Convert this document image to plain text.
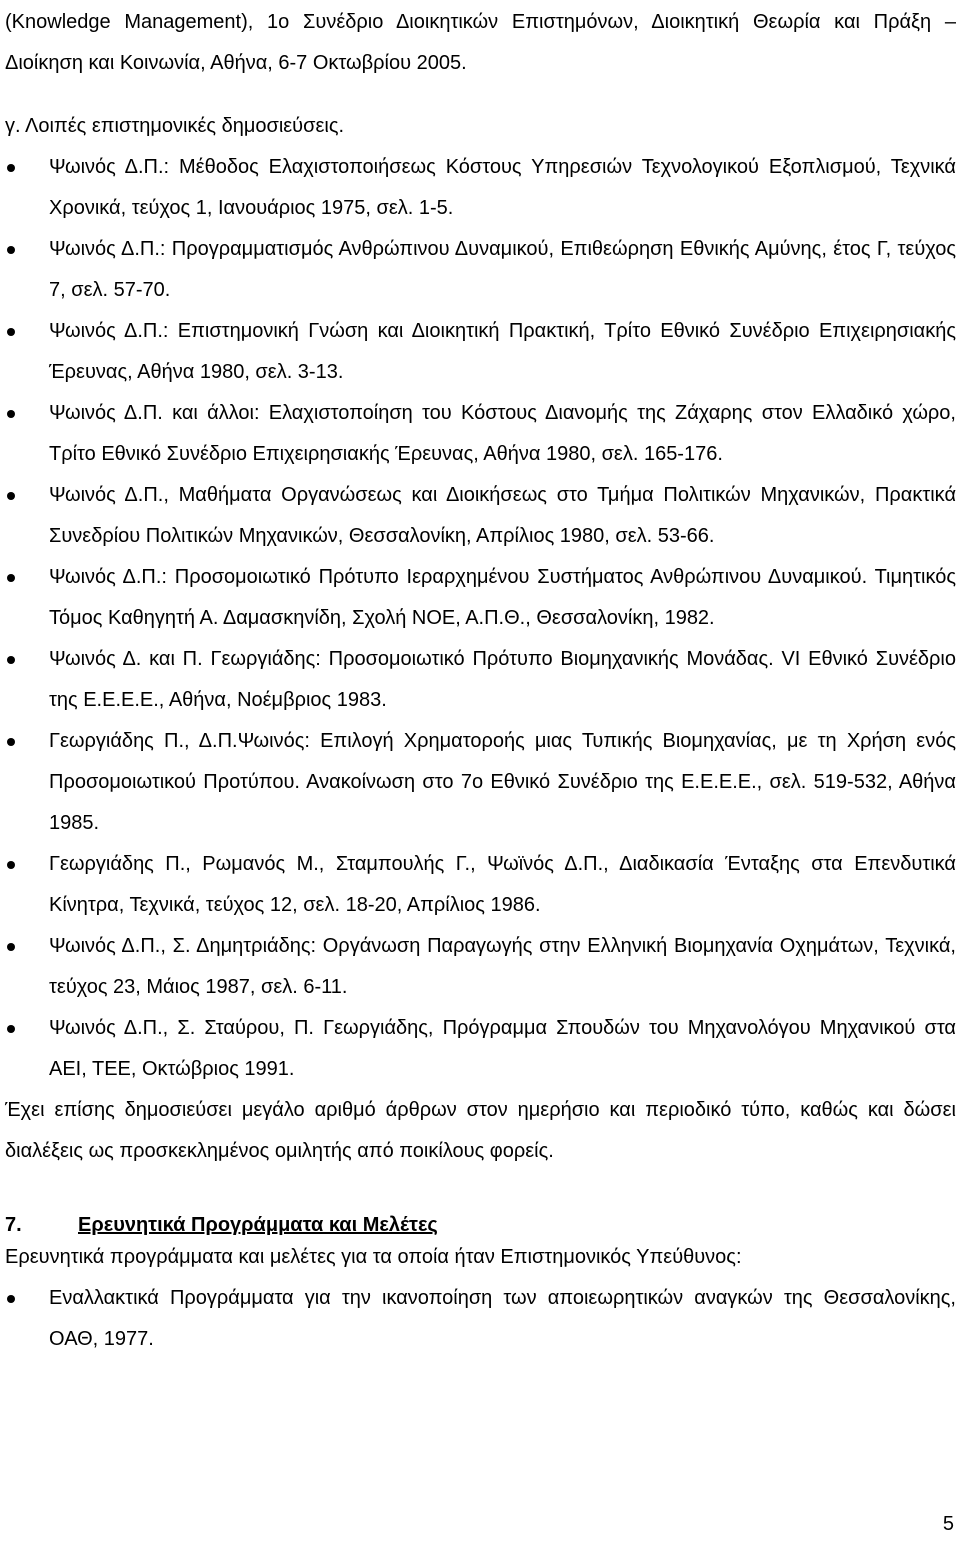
(Knowledge Management), 1ο Συνέδριο Διοικητικών Επιστημόνων, Διοικητική Θεωρία και Πράξη – Διοίκηση και Κοινωνία, Αθήνα, 6-7 Οκτωβρίου 2005.

γ. Λοιπές επιστημονικές δημοσιεύσεις.

Ψωινός Δ.Π.: Μέθοδος Ελαχιστοποιήσεως Κόστους Υπηρεσιών Τεχνολογικού Εξοπλισμού, Τεχνικά Χρονικά, τεύχος 1, Ιανουάριος 1975, σελ. 1-5.
Ψωινός Δ.Π.: Προγραμματισμός Ανθρώπινου Δυναμικού, Επιθεώρηση Εθνικής Αμύνης, έτος Γ, τεύχος 7, σελ. 57-70.
Ψωινός Δ.Π.: Επιστημονική Γνώση και Διοικητική Πρακτική, Τρίτο Εθνικό Συνέδριο Επιχειρησιακής Έρευνας, Αθήνα 1980, σελ. 3-13.
Ψωινός Δ.Π. και άλλοι: Ελαχιστοποίηση του Κόστους Διανομής της Ζάχαρης στον Ελλαδικό χώρο, Τρίτο Εθνικό Συνέδριο Επιχειρησιακής Έρευνας, Αθήνα 1980, σελ. 165-176.
Ψωινός Δ.Π., Μαθήματα Οργανώσεως και Διοικήσεως στο Τμήμα Πολιτικών Μηχανικών, Πρακτικά Συνεδρίου Πολιτικών Μηχανικών, Θεσσαλονίκη, Απρίλιος 1980, σελ. 53-66.
Ψωινός Δ.Π.: Προσομοιωτικό Πρότυπο Ιεραρχημένου Συστήματος Ανθρώπινου Δυναμικού. Τιμητικός Τόμος Καθηγητή Α. Δαμασκηνίδη, Σχολή ΝΟΕ, Α.Π.Θ., Θεσσαλονίκη, 1982.
Ψωινός Δ. και Π. Γεωργιάδης: Προσομοιωτικό Πρότυπο Βιομηχανικής Μονάδας. VI Εθνικό Συνέδριο της Ε.Ε.Ε.Ε., Αθήνα, Νοέμβριος 1983.
Γεωργιάδης Π., Δ.Π.Ψωινός: Επιλογή Χρηματοροής μιας Τυπικής Βιομηχανίας, με τη Χρήση ενός Προσομοιωτικού Προτύπου. Ανακοίνωση στο 7ο Εθνικό Συνέδριο της Ε.Ε.Ε.Ε., σελ. 519-532, Αθήνα 1985.
Γεωργιάδης Π., Ρωμανός Μ., Σταμπουλής Γ., Ψωϊνός Δ.Π., Διαδικασία Ένταξης στα Επενδυτικά Κίνητρα, Τεχνικά, τεύχος 12, σελ. 18-20, Απρίλιος 1986.
Ψωινός Δ.Π., Σ. Δημητριάδης: Οργάνωση Παραγωγής στην Ελληνική Βιομηχανία Οχημάτων, Τεχνικά, τεύχος 23, Μάιος 1987, σελ. 6-11.
Ψωινός Δ.Π., Σ. Σταύρου, Π. Γεωργιάδης, Πρόγραμμα Σπουδών του Μηχανολόγου Μηχανικού στα ΑΕΙ, ΤΕΕ, Οκτώβριος 1991.

Έχει επίσης δημοσιεύσει μεγάλο αριθμό άρθρων στον ημερήσιο και περιοδικό τύπο, καθώς και δώσει διαλέξεις ως προσκεκλημένος ομιλητής από ποικίλους φορείς.

7.	Ερευνητικά Προγράμματα και Μελέτες

Ερευνητικά προγράμματα και μελέτες για τα οποία ήταν Επιστημονικός Υπεύθυνος:

Εναλλακτικά Προγράμματα για την ικανοποίηση των αποιεωρητικών αναγκών της Θεσσαλονίκης, ΟΑΘ, 1977.
5
